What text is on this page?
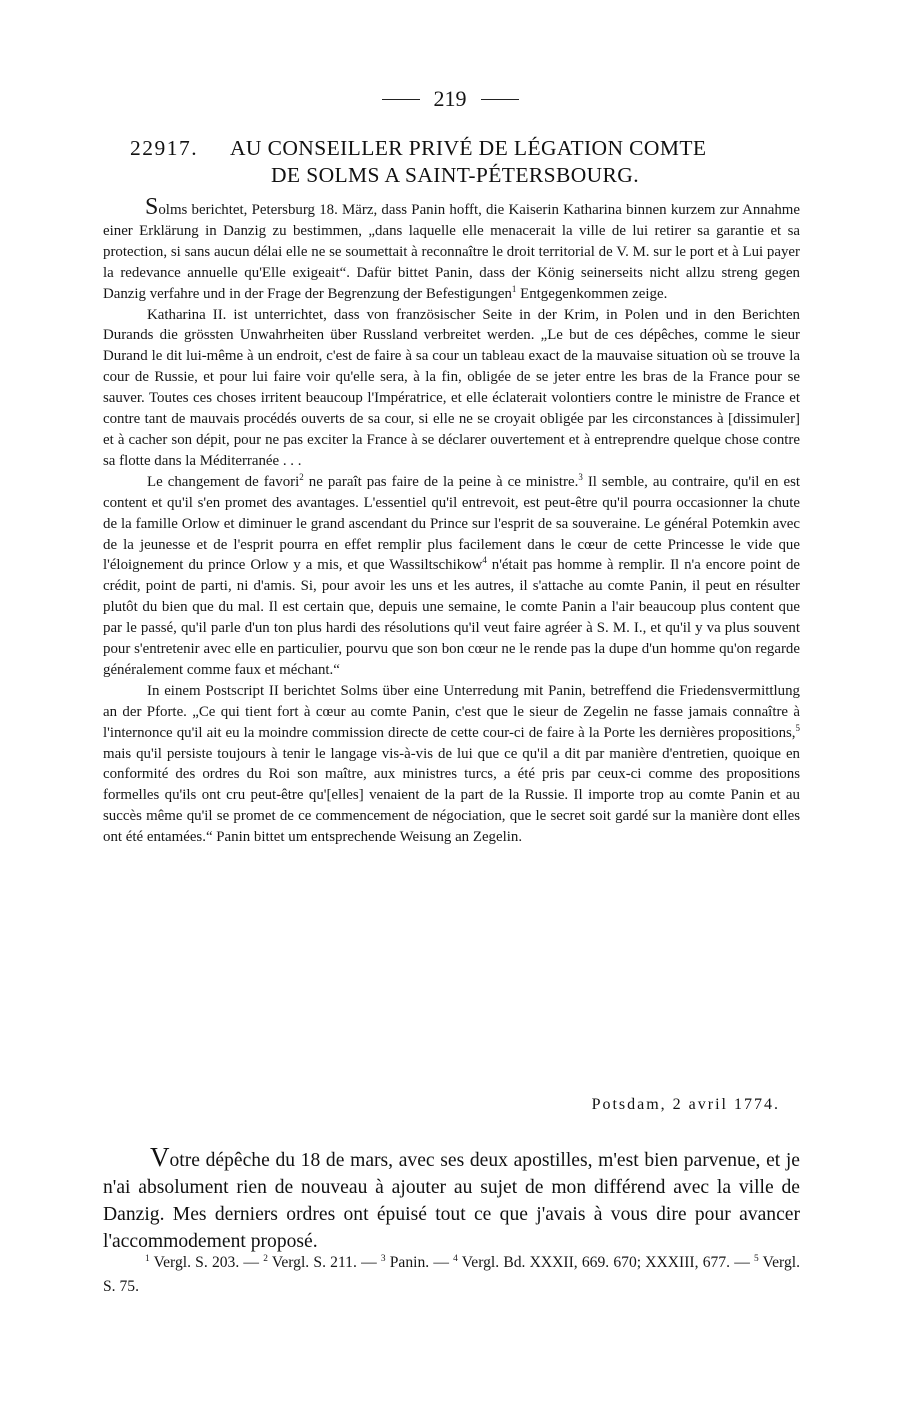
219
22917. AU CONSEILLER PRIVÉ DE LÉGATION COMTE
DE SOLMS A SAINT-PÉTERSBOURG.

Solms berichtet, Petersburg 18. März, dass Panin hofft, die Kaiserin Katharina binnen kurzem zur Annahme einer Erklärung in Danzig zu bestimmen, „dans laquelle elle menacerait la ville de lui retirer sa garantie et sa protection, si sans aucun délai elle ne se soumettait à reconnaître le droit territorial de V. M. sur le port et à Lui payer la redevance annuelle qu'Elle exigeait“. Dafür bittet Panin, dass der König seinerseits nicht allzu streng gegen Danzig verfahre und in der Frage der Begrenzung der Befestigungen$^1$ Entgegenkommen zeige.

Katharina II. ist unterrichtet, dass von französischer Seite in der Krim, in Polen und in den Berichten Durands die grössten Unwahrheiten über Russland verbreitet werden. „Le but de ces dépêches, comme le sieur Durand le dit lui-même à un endroit, c'est de faire à sa cour un tableau exact de la mauvaise situation où se trouve la cour de Russie, et pour lui faire voir qu'elle sera, à la fin, obligée de se jeter entre les bras de la France pour se sauver. Toutes ces choses irritent beaucoup l'Impératrice, et elle éclaterait volontiers contre le ministre de France et contre tant de mauvais procédés ouverts de sa cour, si elle ne se croyait obligée par les circonstances à [dissimuler] et à cacher son dépit, pour ne pas exciter la France à se déclarer ouvertement et à entreprendre quelque chose contre sa flotte dans la Méditerranée . . .

Le changement de favori$^2$ ne paraît pas faire de la peine à ce ministre.$^3$ Il semble, au contraire, qu'il en est content et qu'il s'en promet des avantages. L'essentiel qu'il entrevoit, est peut-être qu'il pourra occasionner la chute de la famille Orlow et diminuer le grand ascendant du Prince sur l'esprit de sa souveraine. Le général Potemkin avec de la jeunesse et de l'esprit pourra en effet remplir plus facilement dans le cœur de cette Princesse le vide que l'éloignement du prince Orlow y a mis, et que Wassiltschikow$^4$ n'était pas homme à remplir. Il n'a encore point de crédit, point de parti, ni d'amis. Si, pour avoir les uns et les autres, il s'attache au comte Panin, il peut en résulter plutôt du bien que du mal. Il est certain que, depuis une semaine, le comte Panin a l'air beaucoup plus content que par le passé, qu'il parle d'un ton plus hardi des résolutions qu'il veut faire agréer à S. M. I., et qu'il y va plus souvent pour s'entretenir avec elle en particulier, pourvu que son bon cœur ne le rende pas la dupe d'un homme qu'on regarde généralement comme faux et méchant.“

In einem Postscript II berichtet Solms über eine Unterredung mit Panin, betreffend die Friedensvermittlung an der Pforte. „Ce qui tient fort à cœur au comte Panin, c'est que le sieur de Zegelin ne fasse jamais connaître à l'internonce qu'il ait eu la moindre commission directe de cette cour-ci de faire à la Porte les dernières propositions,$^5$ mais qu'il persiste toujours à tenir le langage vis-à-vis de lui que ce qu'il a dit par manière d'entretien, quoique en conformité des ordres du Roi son maître, aux ministres turcs, a été pris par ceux-ci comme des propositions formelles qu'ils ont cru peut-être qu'[elles] venaient de la part de la Russie. Il importe trop au comte Panin et au succès même qu'il se promet de ce commencement de négociation, que le secret soit gardé sur la manière dont elles ont été entamées.“ Panin bittet um entsprechende Weisung an Zegelin.

Potsdam, 2 avril 1774.

Votre dépêche du 18 de mars, avec ses deux apostilles, m'est bien parvenue, et je n'ai absolument rien de nouveau à ajouter au sujet de mon différend avec la ville de Danzig. Mes derniers ordres ont épuisé tout ce que j'avais à vous dire pour avancer l'accommodement proposé.

$^1$ Vergl. S. 203. — $^2$ Vergl. S. 211. — $^3$ Panin. — $^4$ Vergl. Bd. XXXII, 669. 670; XXXIII, 677. — $^5$ Vergl. S. 75.
